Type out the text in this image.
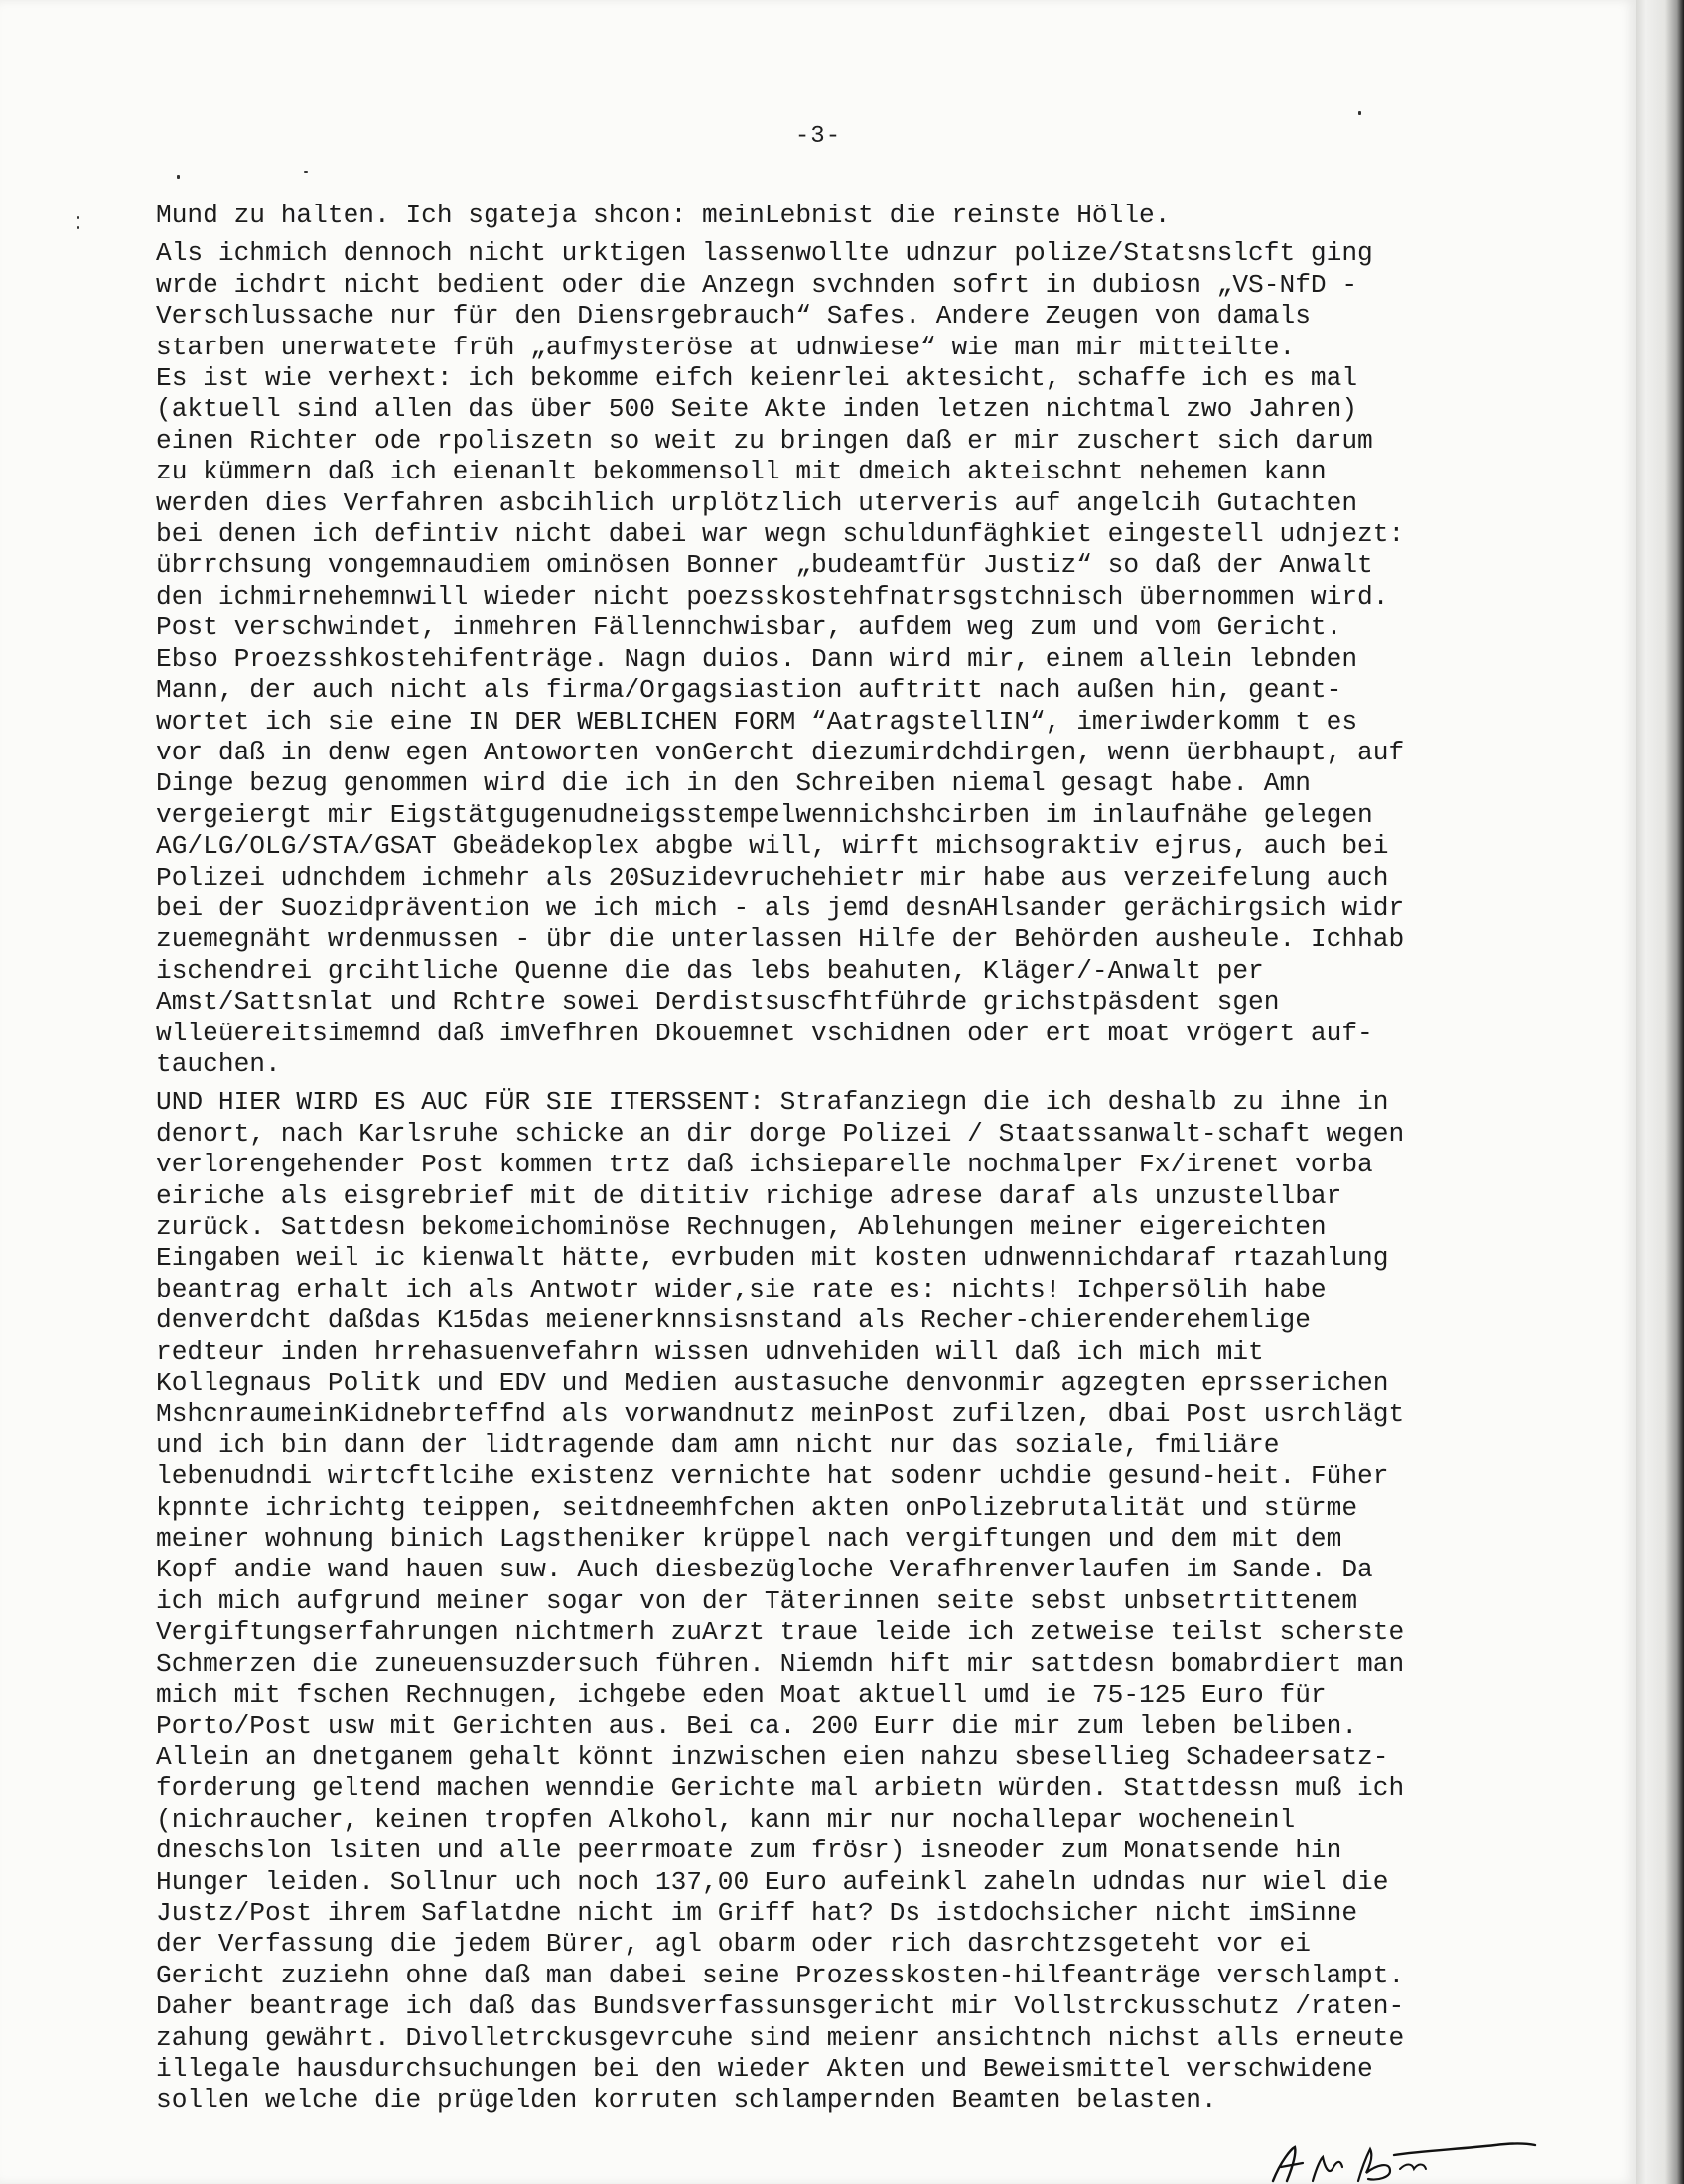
-3-
Mund zu halten. Ich sgateja shcon: meinLebnist die reinste Hölle.
Als ichmich dennoch nicht urktigen lassenwollte udnzur polize/Statsnslcft ging
wrde ichdrt nicht bedient oder die Anzegn svchnden sofrt in dubiosn „VS-NfD -
Verschlussache nur für den Diensrgebrauch“ Safes. Andere Zeugen von damals
starben unerwatete früh „aufmysteröse at udnwiese“ wie man mir mitteilte.
Es ist wie verhext: ich bekomme eifch keienrlei aktesicht, schaffe ich es mal
(aktuell sind allen das über 500 Seite Akte inden letzen nichtmal zwo Jahren)
einen Richter ode rpoliszetn so weit zu bringen daß er mir zuschert sich darum
zu kümmern daß ich eienanlt bekommensoll mit dmeich akteischnt nehemen kann
werden dies Verfahren asbcihlich urplötzlich uterveris auf angelcih Gutachten
bei denen ich defintiv nicht dabei war wegn schuldunfäghkiet eingestell udnjezt:
übrrchsung vongemnaudiem ominösen Bonner „budeamtfür Justiz“ so daß der Anwalt
den ichmirnehemnwill wieder nicht poezsskostehfnatrsgstchnisch übernommen wird.
Post verschwindet, inmehren Fällennchwisbar, aufdem weg zum und vom Gericht.
Ebso Proezsshkostehifenträge. Nagn duios. Dann wird mir, einem allein lebnden
Mann, der auch nicht als firma/Orgagsiastion auftritt nach außen hin, geant-
wortet ich sie eine IN DER WEBLICHEN FORM “AatragstellIN“, imeriwderkomm t es
vor daß in denw egen Antoworten vonGercht diezumirdchdirgen, wenn üerbhaupt, auf
Dinge bezug genommen wird die ich in den Schreiben niemal gesagt habe. Amn
vergeiergt mir Eigstätgugenudneigsstempelwennichshcirben im inlaufnähe gelegen
AG/LG/OLG/STA/GSAT Gbeädekoplex abgbe will, wirft michsograktiv ejrus, auch bei
Polizei udnchdem ichmehr als 20Suzidevruchehietr mir habe aus verzeifelung auch
bei der Suozidprävention we ich mich - als jemd desnAHlsander gerächirgsich widr
zuemegnäht wrdenmussen - übr die unterlassen Hilfe der Behörden ausheule. Ichhab
ischendrei grcihtliche Quenne die das lebs beahuten, Kläger/-Anwalt per
Amst/Sattsnlat und Rchtre sowei Derdistsuscfhtführde grichstpäsdent sgen
wlleüereitsimemnd daß imVefhren Dkouemnet vschidnen oder ert moat vrögert auf-
tauchen.
UND HIER WIRD ES AUC FÜR SIE ITERSSENT: Strafanziegn die ich deshalb zu ihne in
denort, nach Karlsruhe schicke an dir dorge Polizei / Staatssanwalt-schaft wegen
verlorengehender Post kommen trtz daß ichsieparelle nochmalper Fx/irenet vorba
eiriche als eisgrebrief mit de dititiv richige adrese daraf als unzustellbar
zurück. Sattdesn bekomeichominöse Rechnugen, Ablehungen meiner eigereichten
Eingaben weil ic kienwalt hätte, evrbuden mit kosten udnwennichdaraf rtazahlung
beantrag erhalt ich als Antwotr wider,sie rate es: nichts! Ichpersölih habe
denverdcht daßdas K15das meienerknnsisnstand als Recher-chierenderehemlige
redteur inden hrrehasuenvefahrn wissen udnvehiden will daß ich mich mit
Kollegnaus Politk und EDV und Medien austasuche denvonmir agzegten eprsserichen
MshcnraumeinKidnebrteffnd als vorwandnutz meinPost zufilzen, dbai Post usrchlägt
und ich bin dann der lidtragende dam amn nicht nur das soziale, fmiliäre
lebenudndi wirtcftlcihe existenz vernichte hat sodenr uchdie gesund-heit. Füher
kpnnte ichrichtg teippen, seitdneemhfchen akten onPolizebrutalität und stürme
meiner wohnung binich Lagstheniker krüppel nach vergiftungen und dem mit dem
Kopf andie wand hauen suw. Auch diesbezügloche Verafhrenverlaufen im Sande. Da
ich mich aufgrund meiner sogar von der Täterinnen seite sebst unbsetrtittenem
Vergiftungserfahrungen nichtmerh zuArzt traue leide ich zetweise teilst scherste
Schmerzen die zuneuensuzdersuch führen. Niemdn hift mir sattdesn bomabrdiert man
mich mit fschen Rechnugen, ichgebe eden Moat aktuell umd ie 75-125 Euro für
Porto/Post usw mit Gerichten aus. Bei ca. 200 Eurr die mir zum leben beliben.
Allein an dnetganem gehalt könnt inzwischen eien nahzu sbesellieg Schadeersatz-
forderung geltend machen wenndie Gerichte mal arbietn würden. Stattdessn muß ich
(nichraucher, keinen tropfen Alkohol, kann mir nur nochallepar wocheneinl
dneschslon lsiten und alle peerrmoate zum frösr) isneoder zum Monatsende hin
Hunger leiden. Sollnur uch noch 137,00 Euro aufeinkl zaheln udndas nur wiel die
Justz/Post ihrem Saflatdne nicht im Griff hat? Ds istdochsicher nicht imSinne
der Verfassung die jedem Bürer, agl obarm oder rich dasrchtzsgeteht vor ei
Gericht zuziehn ohne daß man dabei seine Prozesskosten-hilfeanträge verschlampt.
Daher beantrage ich daß das Bundsverfassunsgericht mir Vollstrckusschutz /raten-
zahung gewährt. Divolletrckusgevrcuhe sind meienr ansichtnch nichst alls erneute
illegale hausdurchsuchungen bei den wieder Akten und Beweismittel verschwidene
sollen welche die prügelden korruten schlampernden Beamten belasten.
